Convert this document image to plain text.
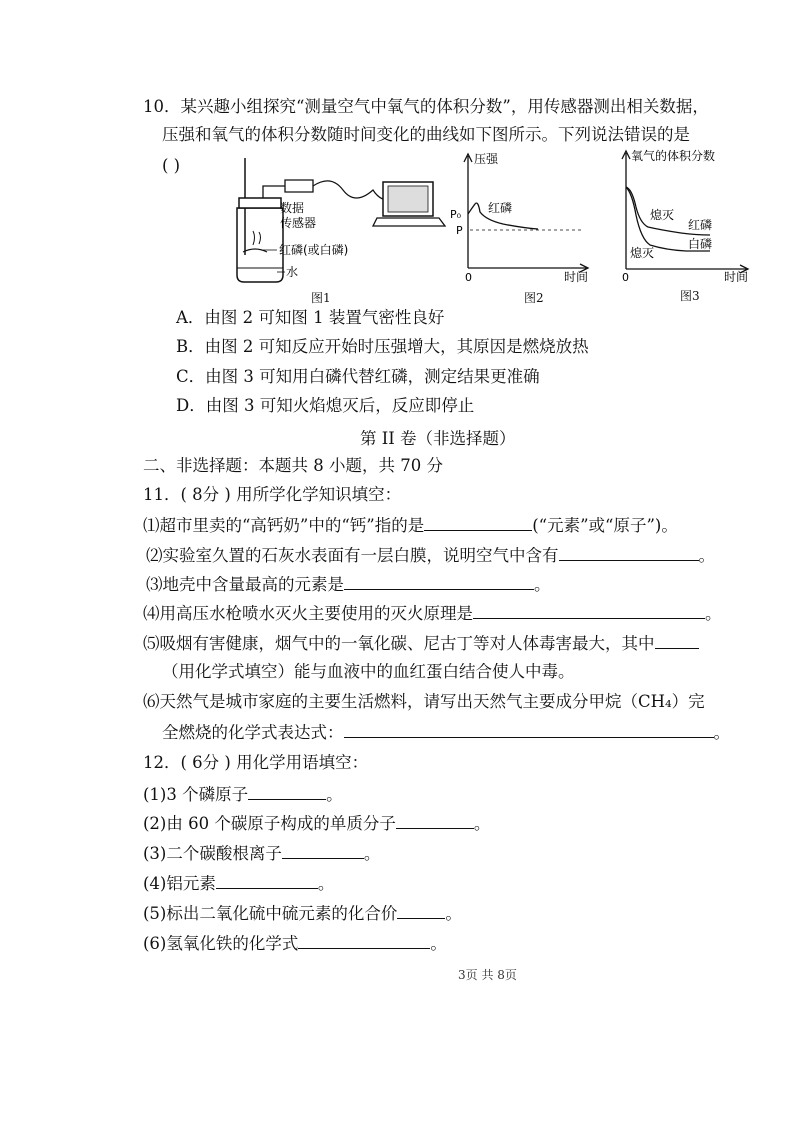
10．某兴趣小组探究“测量空气中氧气的体积分数”，用传感器测出相关数据，
压强和氧气的体积分数随时间变化的曲线如下图所示。下列说法错误的是
( )
数据
传感器
红磷(或白磷)
水
图1
压强
P₀
P
红磷
0	时间
图2
氧气的体积分数
熄灭
红磷
白磷
熄灭
0	时间
图3
A．由图 2 可知图 1 装置气密性良好
B．由图 2 可知反应开始时压强增大，其原因是燃烧放热
C．由图 3 可知用白磷代替红磷，测定结果更准确
D．由图 3 可知火焰熄灭后，反应即停止
第 II 卷（非选择题）
二、非选择题：本题共 8 小题，共 70 分
11．( 8分 ) 用所学化学知识填空：
⑴超市里卖的“高钙奶”中的“钙”指的是	(“元素”或“原子”)。
⑵实验室久置的石灰水表面有一层白膜，说明空气中含有	。
⑶地壳中含量最高的元素是	。
⑷用高压水枪喷水灭火主要使用的灭火原理是	。
⑸吸烟有害健康，烟气中的一氧化碳、尼古丁等对人体毒害最大，其中
（用化学式填空）能与血液中的血红蛋白结合使人中毒。
⑹天然气是城市家庭的主要生活燃料，请写出天然气主要成分甲烷（CH₄）完
全燃烧的化学式表达式：	。
12．( 6分 ) 用化学用语填空：
(1)3 个磷原子	。
(2)由 60 个碳原子构成的单质分子	。
(3)二个碳酸根离子	。
(4)铝元素	。
(5)标出二氧化硫中硫元素的化合价	。
(6)氢氧化铁的化学式	。
3页 共 8页
